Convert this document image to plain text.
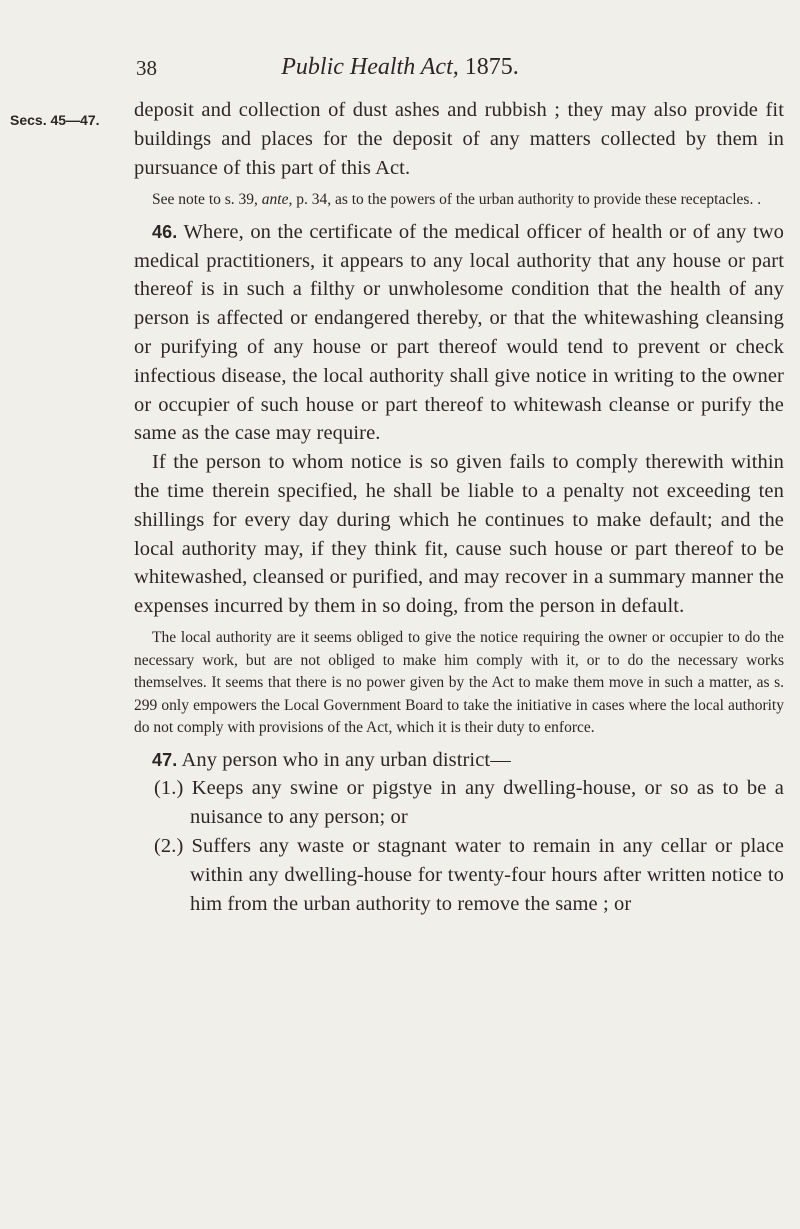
38	Public Health Act, 1875.
Secs. 45—47. deposit and collection of dust ashes and rubbish ; they may also provide fit buildings and places for the deposit of any matters collected by them in pursuance of this part of this Act.

See note to s. 39, ante, p. 34, as to the powers of the urban authority to provide these receptacles. .

46. Where, on the certificate of the medical officer of health or of any two medical practitioners, it appears to any local authority that any house or part thereof is in such a filthy or unwholesome condition that the health of any person is affected or endangered thereby, or that the whitewashing cleansing or purifying of any house or part thereof would tend to prevent or check infectious disease, the local authority shall give notice in writing to the owner or occupier of such house or part thereof to whitewash cleanse or purify the same as the case may require.

If the person to whom notice is so given fails to comply therewith within the time therein specified, he shall be liable to a penalty not exceeding ten shillings for every day during which he continues to make default; and the local authority may, if they think fit, cause such house or part thereof to be whitewashed, cleansed or purified, and may recover in a summary manner the expenses incurred by them in so doing, from the person in default.

The local authority are it seems obliged to give the notice requiring the owner or occupier to do the necessary work, but are not obliged to make him comply with it, or to do the necessary works themselves. It seems that there is no power given by the Act to make them move in such a matter, as s. 299 only empowers the Local Government Board to take the initiative in cases where the local authority do not comply with provisions of the Act, which it is their duty to enforce.

47. Any person who in any urban district—

(1.) Keeps any swine or pigstye in any dwelling-house, or so as to be a nuisance to any person; or

(2.) Suffers any waste or stagnant water to remain in any cellar or place within any dwelling-house for twenty-four hours after written notice to him from the urban authority to remove the same ; or
